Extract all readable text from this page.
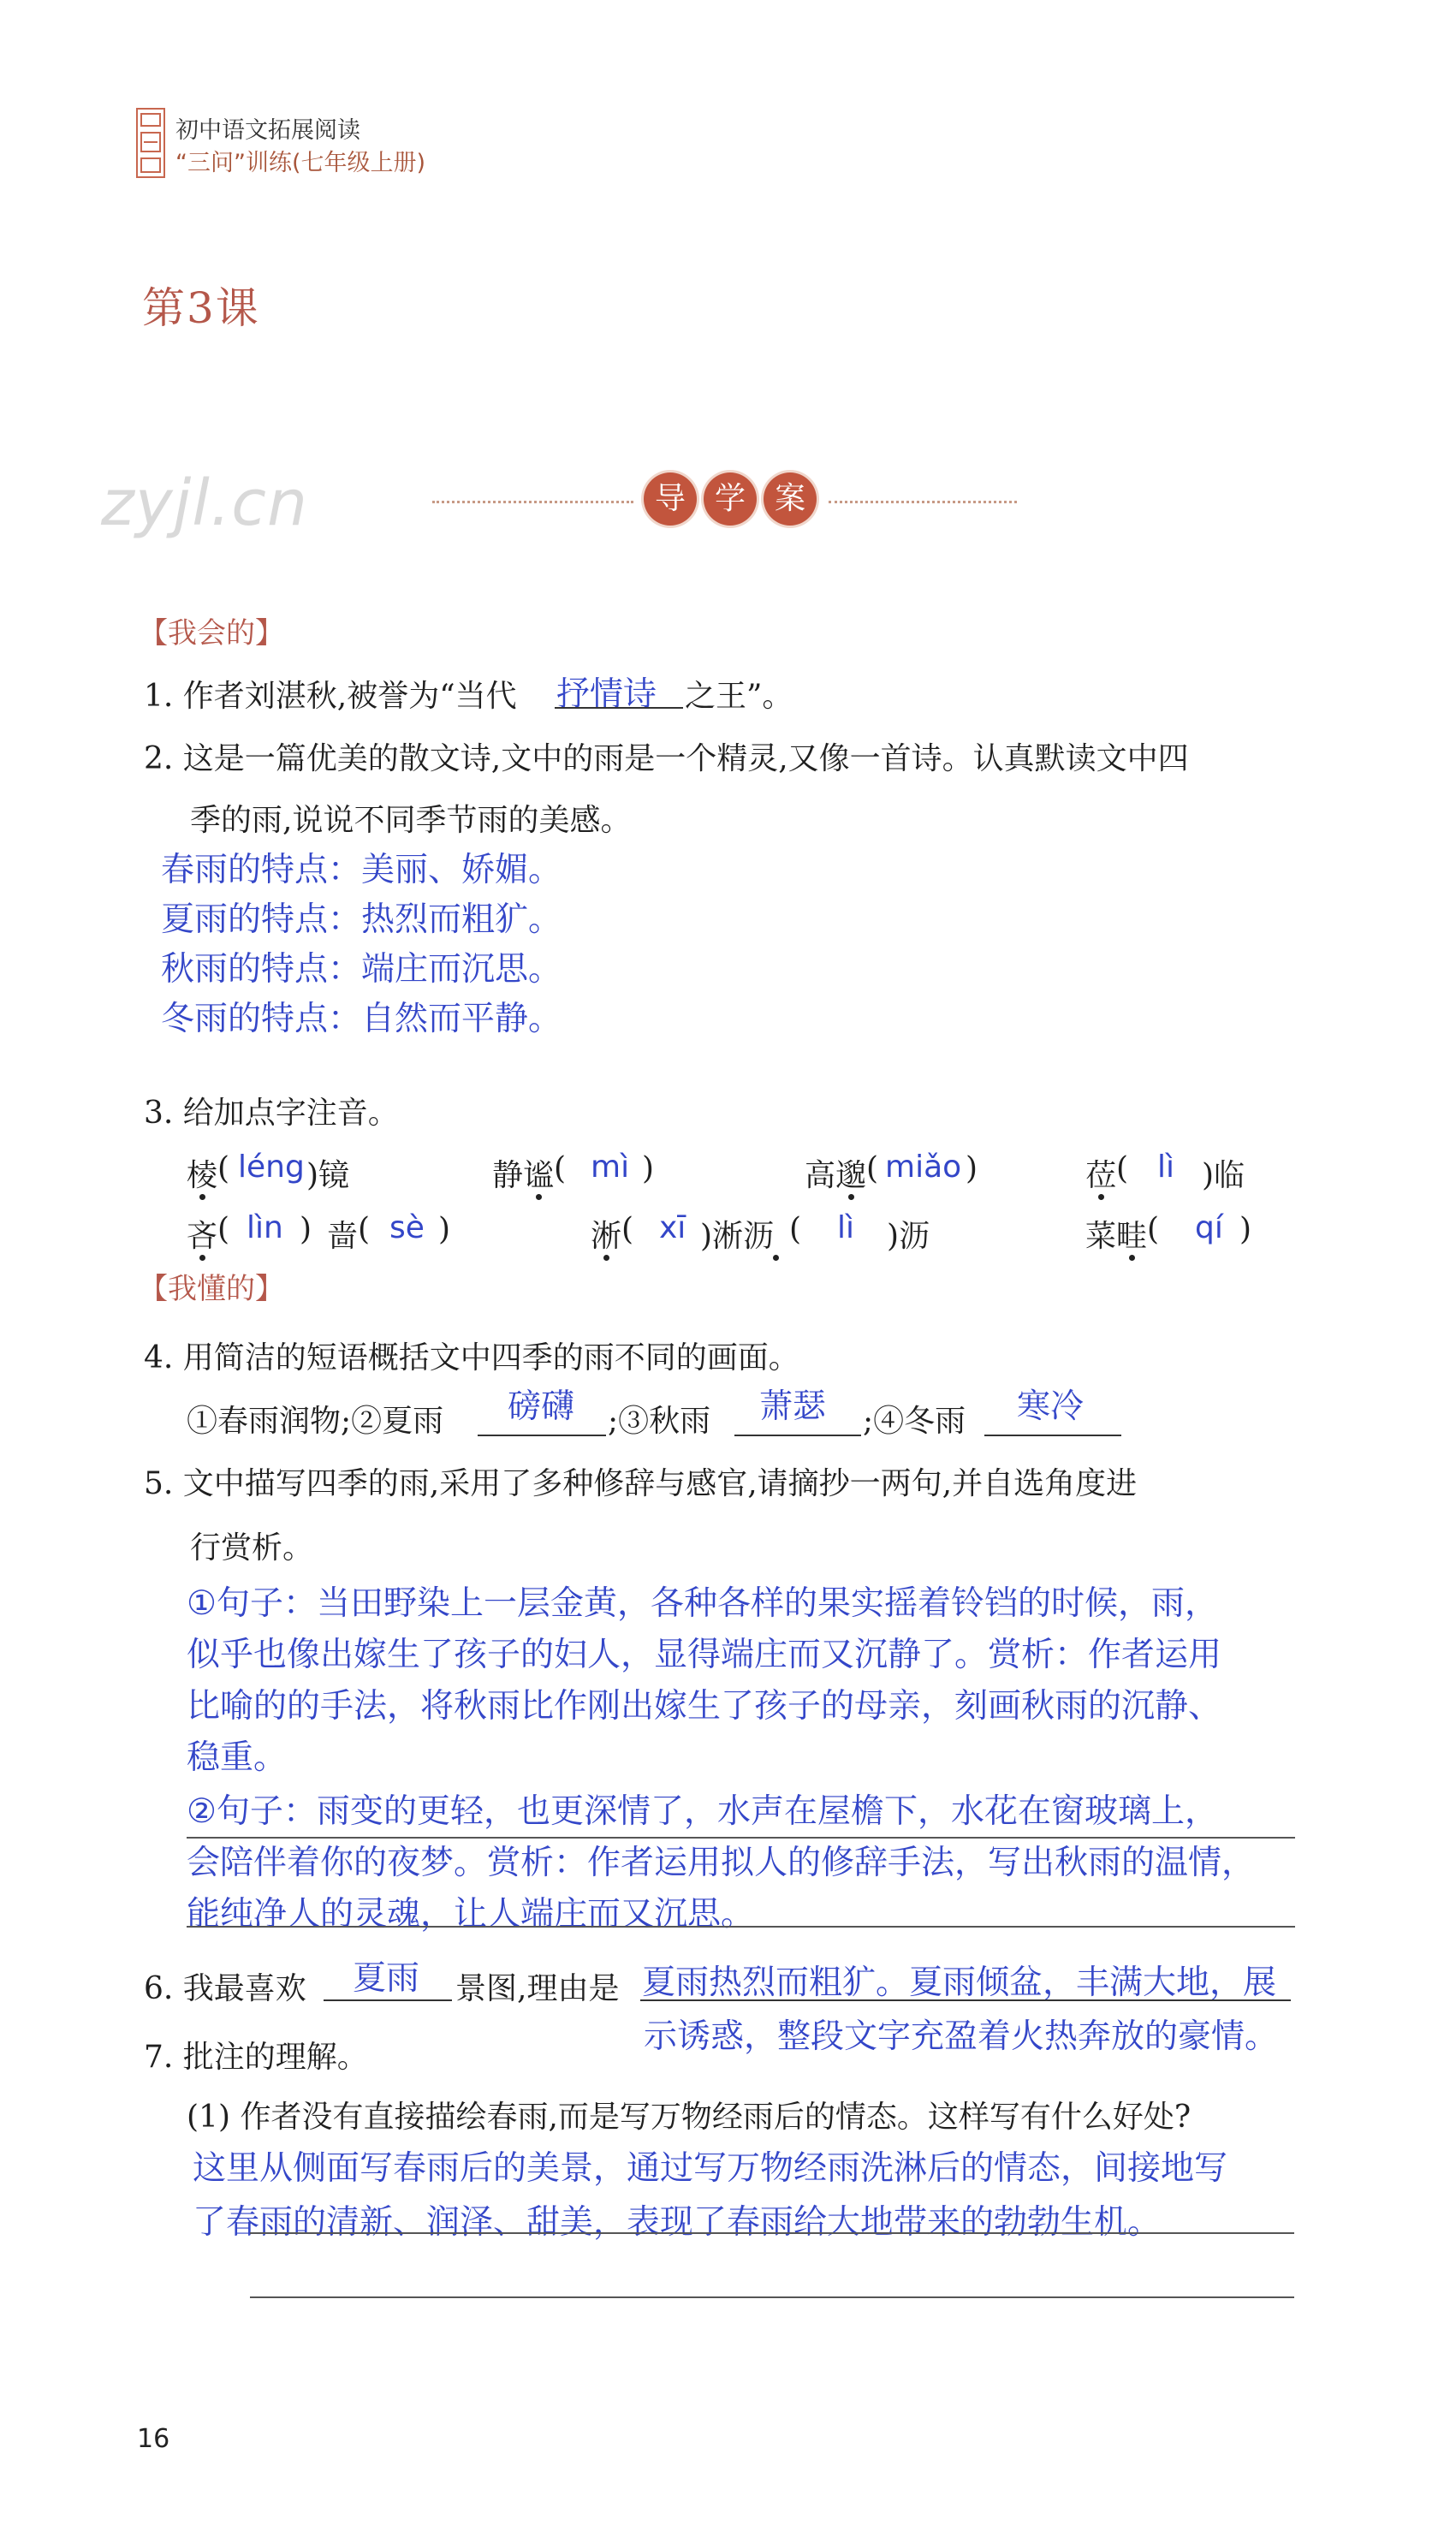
初中语文拓展阅读
“三问”训练(七年级上册)
第3课
zyjl.cn	导 学 案
【我会的】
1. 作者刘湛秋,被誉为“当代 抒情诗 之王”。
2. 这是一篇优美的散文诗,文中的雨是一个精灵,又像一首诗。认真默读文中四
季的雨,说说不同季节雨的美感。
春雨的特点：美丽、娇媚。
夏雨的特点：热烈而粗犷。
秋雨的特点：端庄而沉思。
冬雨的特点：自然而平静。
3. 给加点字注音。
棱 ( léng )镜	静谧 ( mì )	高邈 ( miǎo )	莅 ( lì )临
吝 ( lìn ) 啬 ( sè )	淅 ( xī )淅沥 ( lì )沥	菜畦 ( qí )
【我懂的】
4. 用简洁的短语概括文中四季的雨不同的画面。
①春雨润物;②夏雨 磅礴 ;③秋雨 萧瑟 ;④冬雨 寒冷
5. 文中描写四季的雨,采用了多种修辞与感官,请摘抄一两句,并自选角度进
行赏析。
①句子：当田野染上一层金黄，各种各样的果实摇着铃铛的时候，雨，
似乎也像出嫁生了孩子的妇人，显得端庄而又沉静了。赏析：作者运用
比喻的的手法，将秋雨比作刚出嫁生了孩子的母亲，刻画秋雨的沉静、
稳重。
②句子：雨变的更轻，也更深情了，水声在屋檐下，水花在窗玻璃上，
会陪伴着你的夜梦。赏析：作者运用拟人的修辞手法，写出秋雨的温情，
能纯净人的灵魂，让人端庄而又沉思。
6. 我最喜欢 夏雨 景图,理由是 夏雨热烈而粗犷。夏雨倾盆，丰满大地，展
示诱惑，整段文字充盈着火热奔放的豪情。
7. 批注的理解。
(1) 作者没有直接描绘春雨,而是写万物经雨后的情态。这样写有什么好处?
这里从侧面写春雨后的美景，通过写万物经雨洗淋后的情态，间接地写
了春雨的清新、润泽、甜美，表现了春雨给大地带来的勃勃生机。
16
